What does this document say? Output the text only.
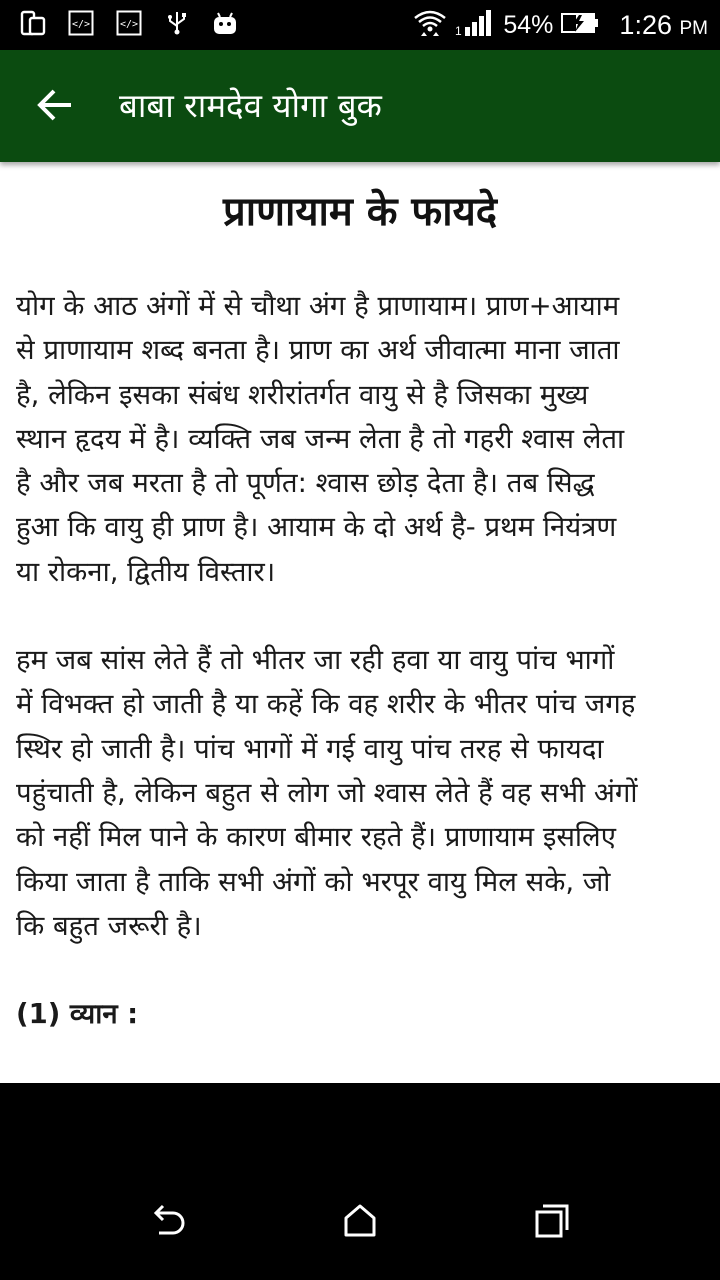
</>	</>	1 54% 1:26 PM
बाबा रामदेव योगा बुक
प्राणायाम के फायदे

योग के आठ अंगों में से चौथा अंग है प्राणायाम। प्राण+आयाम
से प्राणायाम शब्द बनता है। प्राण का अर्थ जीवात्मा माना जाता
है, लेकिन इसका संबंध शरीरांतर्गत वायु से है जिसका मुख्य
स्थान हृदय में है। व्यक्ति जब जन्म लेता है तो गहरी श्वास लेता
है और जब मरता है तो पूर्णत: श्वास छोड़ देता है। तब सिद्ध
हुआ कि वायु ही प्राण है। आयाम के दो अर्थ है- प्रथम नियंत्रण
या रोकना, द्वितीय विस्तार।

हम जब सांस लेते हैं तो भीतर जा रही हवा या वायु पांच भागों
में विभक्त हो जाती है या कहें कि वह शरीर के भीतर पांच जगह
स्थिर हो जाती है। पांच भागों में गई वायु पांच तरह से फायदा
पहुंचाती है, लेकिन बहुत से लोग जो श्वास लेते हैं वह सभी अंगों
को नहीं मिल पाने के कारण बीमार रहते हैं। प्राणायाम इसलिए
किया जाता है ताकि सभी अंगों को भरपूर वायु मिल सके, जो
कि बहुत जरूरी है।

(1) व्यान :
